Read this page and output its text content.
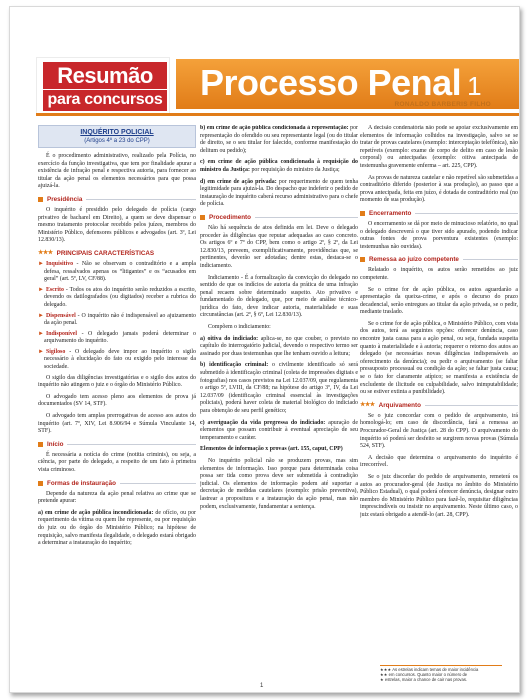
Resumão
para concursos Processo Penal 1
RONALDO BARBERIS FILHO
INQUÉRITO POLICIAL
(Artigos 4º a 23 do CPP)

É o procedimento administrativo, realizado pela Polícia, no exercício da função investigativa, que tem por finalidade apurar a existência de infração penal e respectiva autoria, para fornecer ao titular da ação penal os elementos necessários para que possa ajuizá-la.

Presidência

O inquérito é presidido pelo delegado de polícia (cargo privativo de bacharel em Direito), a quem se deve dispensar o mesmo tratamento protocolar recebido pelos juízes, membros do Ministério Público, defensores públicos e advogados (art. 3º, Lei 12.830/13).

★★★ PRINCIPAIS CARACTERÍSTICAS

► Inquisitivo - Não se observam o contraditório e a ampla defesa, ressalvados apenas os “litigantes” e os “acusados em geral” (art. 5º, LV, CF/88).

► Escrito - Todos os atos do inquérito serão reduzidos a escrito, devendo os datilografados (ou digitados) receber a rubrica do delegado.

► Dispensável - O inquérito não é indispensável ao ajuizamento da ação penal.

► Indisponível - O delegado jamais poderá determinar o arquivamento do inquérito.

► Sigiloso - O delegado deve impor ao inquérito o sigilo necessário à elucidação do fato ou exigido pelo interesse da sociedade.

O sigilo das diligências investigatórias e o sigilo dos autos do inquérito não atingem o juiz e o órgão do Ministério Público.

O advogado tem acesso pleno aos elementos de prova já documentados (SV 14, STF).

O advogado tem amplas prerrogativas de acesso aos autos do inquérito (art. 7º, XIV, Lei 8.906/94 e Súmula Vinculante 14, STF).

Início

É necessária a notícia do crime (notitia criminis), ou seja, a ciência, por parte do delegado, a respeito de um fato à primeira vista criminoso.

Formas de instauração

Depende da natureza da ação penal relativa ao crime que se pretende apurar:

a) em crime de ação pública incondicionada: de ofício, ou por requerimento da vítima ou quem lhe represente, ou por requisição do juiz ou do órgão do Ministério Público; na hipótese de requisição, salvo manifesta ilegalidade, o delegado estará obrigado a determinar a instauração do inquérito;

b) em crime de ação pública condicionada à representação: por representação do ofendido ou seu representante legal (ou do titular de direito, se o seu titular for falecido, conforme manifestação do delitum ou pedido);

c) em crime de ação pública condicionada à requisição do ministro da Justiça: por requisição do ministro da Justiça;

d) em crime de ação privada: por requerimento de quem tenha legitimidade para ajuizá-la. Do despacho que indeferir o pedido de instauração de inquérito caberá recurso administrativo para o chefe de polícia.

Procedimento

Não há sequência de atos definida em lei. Deve o delegado proceder às diligências que reputar adequadas ao caso concreto. Os artigos 6º e 7º do CPP, bem como o artigo 2º, § 2º, da Lei 12.830/13, preveem, exemplificativamente, providências que, se pertinentes, deverão ser adotadas; dentre estas, destaca-se o indiciamento.

Indiciamento - É a formalização da convicção do delegado no sentido de que os indícios de autoria da prática de uma infração penal recaem sobre determinado suspeito. Ato privativo e fundamentado do delegado, que, por meio de análise técnico-jurídica do fato, deve indicar autoria, materialidade e suas circunstâncias (art. 2º, § 6º, Lei 12.830/13).

Compõem o indiciamento:

a) oitiva do indiciado: aplica-se, no que couber, o previsto no capítulo do interrogatório judicial, devendo o respectivo termo ser assinado por duas testemunhas que lhe tenham ouvido a leitura;

b) identificação criminal: o civilmente identificado só será submetido à identificação criminal (coleta de impressões digitais e fotografias) nos casos previstos na Lei 12.037/09, que regulamenta o artigo 5º, LVIII, da CF/88; na hipótese do artigo 3º, IV, da Lei 12.037/09 (identificação criminal essencial às investigações policiais), poderá haver coleta de material biológico do indiciado para obtenção de seu perfil genético;

c) averiguação da vida pregressa do indiciado: apuração de elementos que possam contribuir à eventual apreciação de seu temperamento e caráter.

Elementos de informação x provas (art. 155, caput, CPP)

No inquérito policial não se produzem provas, mas sim elementos de informação. Isso porque para determinada coisa possa ser tida como prova deve ser submetida à contradição judicial. Os elementos de informação podem até suportar a decretação de medidas cautelares (exemplo: prisão preventiva), lastrear a propositura e a instauração da ação penal, mas não podem, exclusivamente, fundamentar a sentença.

A decisão condenatória não pode se apoiar exclusivamente em elementos de informação colhidos na investigação, salvo se se tratar de provas cautelares (exemplo: interceptação telefônica), não repetíveis (exemplo: exame de corpo de delito em caso de lesão corporal) ou antecipadas (exemplo: oitiva antecipada de testemunha gravemente enferma – art. 225, CPP).

As provas de natureza cautelar e não repetível são submetidas a contraditório diferido (posterior à sua produção), ao passo que a prova antecipada, feita em juízo, é dotada de contraditório real (no momento de sua produção).

Encerramento

O encerramento se dá por meio de minucioso relatório, no qual o delegado descreverá o que tiver sido apurado, podendo indicar outras fontes de prova porventura existentes (exemplo: testemunhas não ouvidas).

Remessa ao juízo competente

Relatado o inquérito, os autos serão remetidos ao juiz competente.

Se o crime for de ação pública, os autos aguardarão a apresentação da queixa-crime, e após o decurso do prazo decadencial, serão entregues ao titular da ação privada, se o pedir, mediante traslado.

Se o crime for de ação pública, o Ministério Público, com vista dos autos, terá as seguintes opções: oferecer denúncia, caso encontre justa causa para a ação penal, ou seja, fundada suspeita quanto à materialidade e à autoria; requerer o retorno dos autos ao delegado (se necessárias novas diligências indispensáveis ao oferecimento da denúncia); ou pedir o arquivamento (se faltar pressuposto processual ou condição da ação; se faltar justa causa; se o fato for claramente atípico; se manifesta a existência de excludente de ilicitude ou culpabilidade, salvo inimputabilidade; ou se estiver extinta a punibilidade).

★★★ Arquivamento

Se o juiz concordar com o pedido de arquivamento, irá homologá-lo; em caso de discordância, fará a remessa ao Procurador-Geral de Justiça (art. 28 do CPP). O arquivamento do inquérito só poderá ser desfeito se surgirem novas provas (Súmula 524, STF).

A decisão que determina o arquivamento do inquérito é irrecorrível.

Se o juiz discordar do pedido de arquivamento, remeterá os autos ao procurador-geral (de Justiça no âmbito do Ministério Público Estadual), o qual poderá oferecer denúncia, designar outro membro do Ministério Público para fazê-lo, requisitar diligências imprescindíveis ou insistir no arquivamento. Neste último caso, o juiz estará obrigado a atendê-lo (art. 28, CPP).

★★★ As estrelas indicam temas de maior incidência
★★ em concursos. Quanto maior o número de
★ estrelas, maior a chance de cair nas provas.
1
